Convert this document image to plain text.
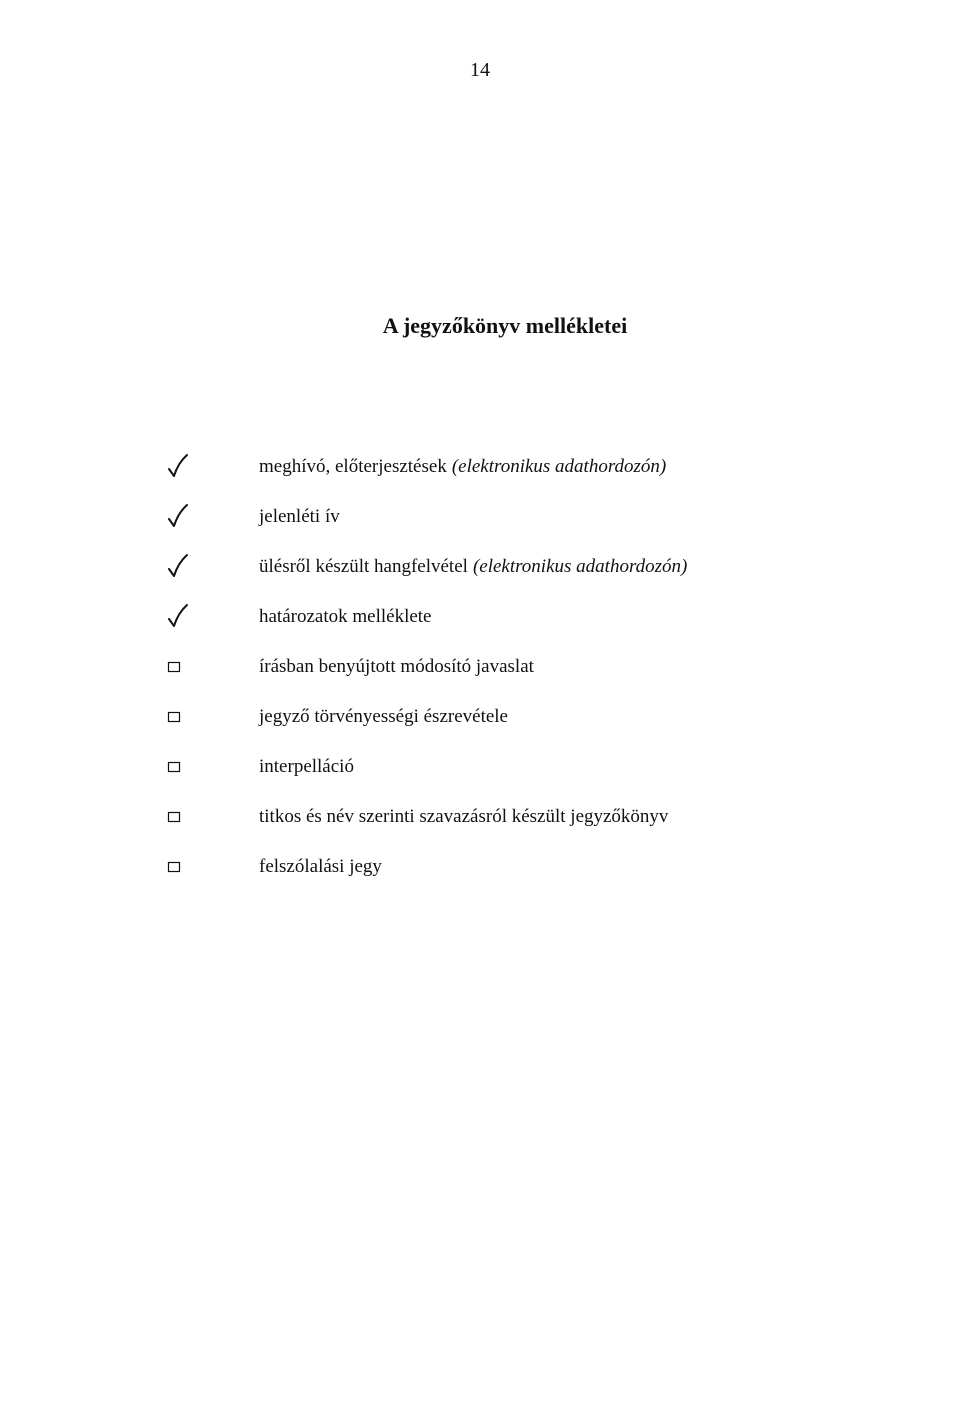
14
A jegyzőkönyv mellékletei
meghívó, előterjesztések (elektronikus adathordozón)
jelenléti ív
ülésről készült hangfelvétel (elektronikus adathordozón)
határozatok melléklete
írásban benyújtott módosító javaslat
jegyző törvényességi észrevétele
interpelláció
titkos és név szerinti szavazásról készült jegyzőkönyv
felszólalási jegy
